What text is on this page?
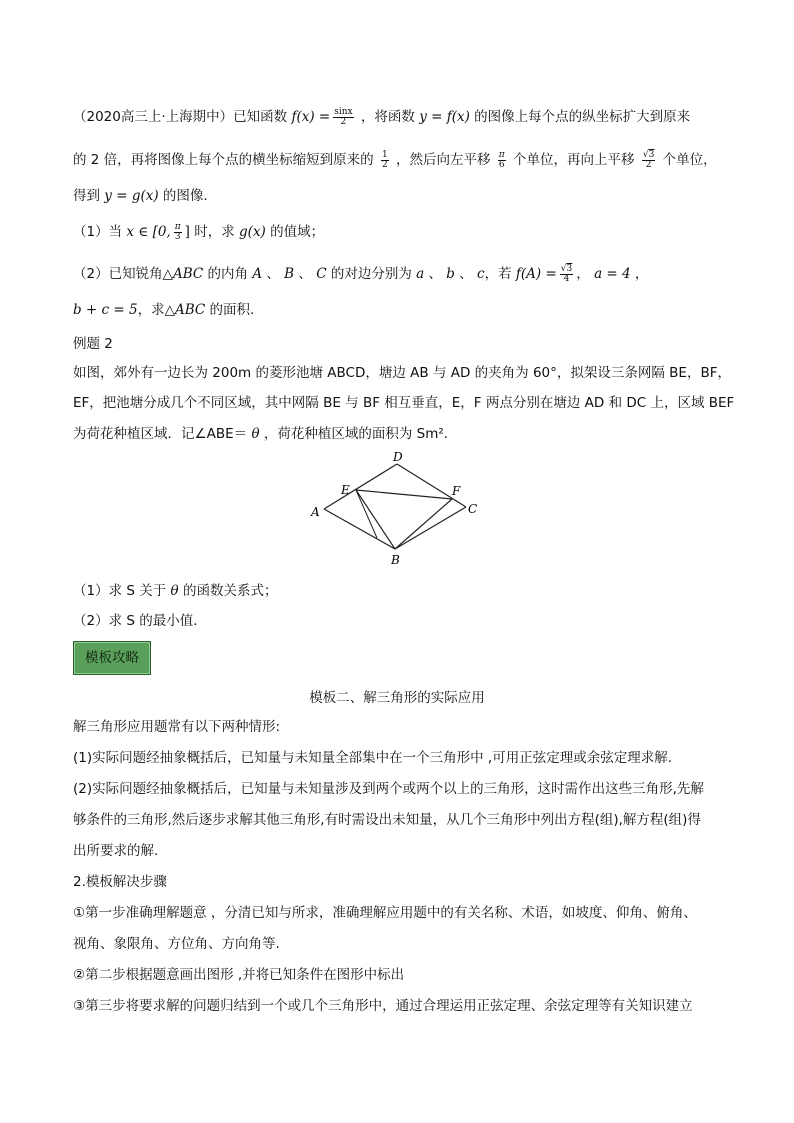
（2020高三上·上海期中）已知函数 $f(x) = \frac{\sin x}{2}$ ，将函数 y = f(x) 的图像上每个点的纵坐标扩大到原来
的 2 倍，再将图像上每个点的横坐标缩短到原来的 $\frac{1}{2}$ ，然后向左平移 $\frac{\pi}{6}$ 个单位，再向上平移 $\frac{√3}{2}$ 个单位，
得到 y = g(x) 的图像.
（1）当 x ∈ [0, $\frac{\pi}{3}$ ] 时，求 g(x) 的值域；
（2）已知锐角△ABC 的内角 A 、 B 、 C 的对边分别为 a 、 b 、 c，若 $f(A) = \frac{√3}{4}$ ， a = 4 ，
b + c = 5，求△ABC 的面积.
例题 2
如图，郊外有一边长为 200m 的菱形池塘 ABCD，塘边 AB 与 AD 的夹角为 60°，拟架设三条网隔 BE，BF，
EF，把池塘分成几个不同区域，其中网隔 BE 与 BF 相互垂直，E，F 两点分别在塘边 AD 和 DC 上，区域 BEF
为荷花种植区域．记∠ABE＝ θ ，荷花种植区域的面积为 Sm²．
D
E	F
A	C
B
（1）求 S 关于 θ 的函数关系式；
（2）求 S 的最小值．
模板攻略
模板二、解三角形的实际应用
解三角形应用题常有以下两种情形:
(1)实际问题经抽象概括后，已知量与未知量全部集中在一个三角形中 ,可用正弦定理或余弦定理求解.
(2)实际问题经抽象概括后，已知量与未知量涉及到两个或两个以上的三角形，这时需作出这些三角形,先解
够条件的三角形,然后逐步求解其他三角形,有时需设出未知量，从几个三角形中列出方程(组),解方程(组)得
出所要求的解.
2.模板解决步骤
①第一步准确理解题意 ，分清已知与所求，准确理解应用题中的有关名称、术语，如坡度、仰角、俯角、
视角、象限角、方位角、方向角等.
②第二步根据题意画出图形 ,并将已知条件在图形中标出
③第三步将要求解的问题归结到一个或几个三角形中，通过合理运用正弦定理、余弦定理等有关知识建立
